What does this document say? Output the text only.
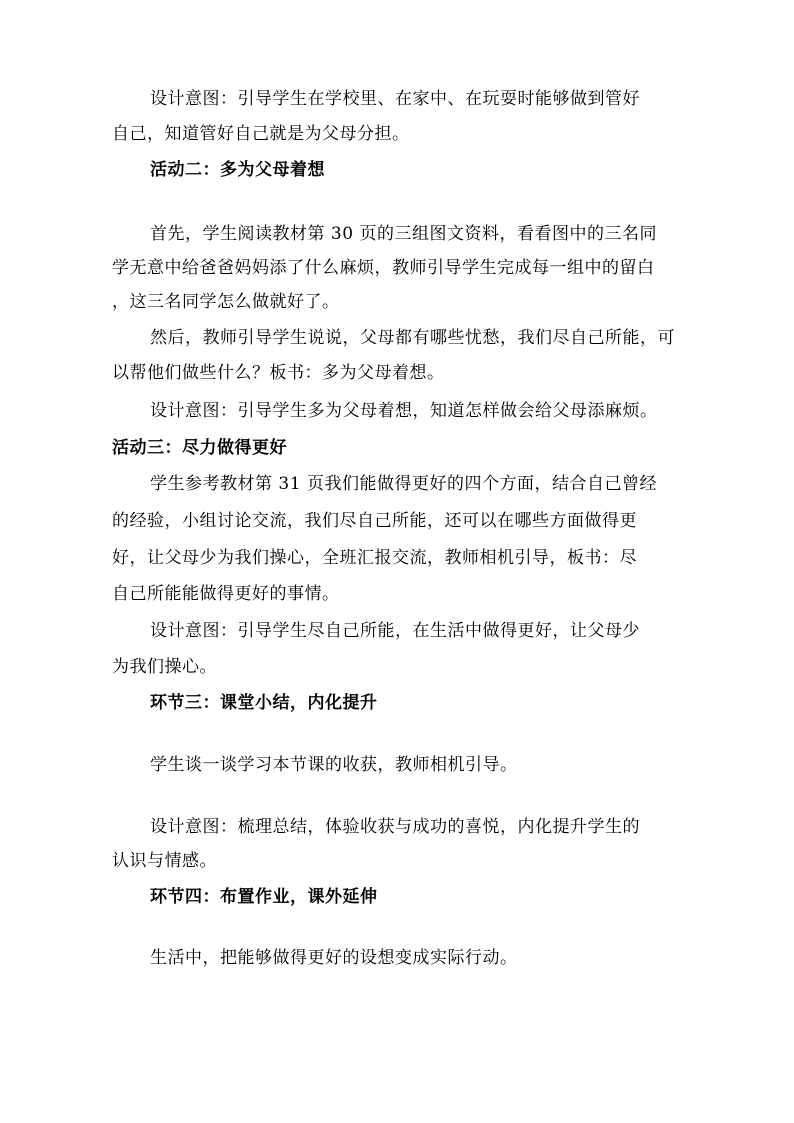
设计意图：引导学生在学校里、在家中、在玩耍时能够做到管好
自己，知道管好自己就是为父母分担。
活动二：多为父母着想
首先，学生阅读教材第 30 页的三组图文资料，看看图中的三名同
学无意中给爸爸妈妈添了什么麻烦，教师引导学生完成每一组中的留白
，这三名同学怎么做就好了。
然后，教师引导学生说说，父母都有哪些忧愁，我们尽自己所能，可
以帮他们做些什么？板书：多为父母着想。
设计意图：引导学生多为父母着想，知道怎样做会给父母添麻烦。
活动三：尽力做得更好
学生参考教材第 31 页我们能做得更好的四个方面，结合自己曾经
的经验，小组讨论交流，我们尽自己所能，还可以在哪些方面做得更
好，让父母少为我们操心，全班汇报交流，教师相机引导，板书：尽
自己所能能做得更好的事情。
设计意图：引导学生尽自己所能，在生活中做得更好，让父母少
为我们操心。
环节三：课堂小结，内化提升
学生谈一谈学习本节课的收获，教师相机引导。
设计意图：梳理总结，体验收获与成功的喜悦，内化提升学生的
认识与情感。
环节四：布置作业，课外延伸
生活中，把能够做得更好的设想变成实际行动。
